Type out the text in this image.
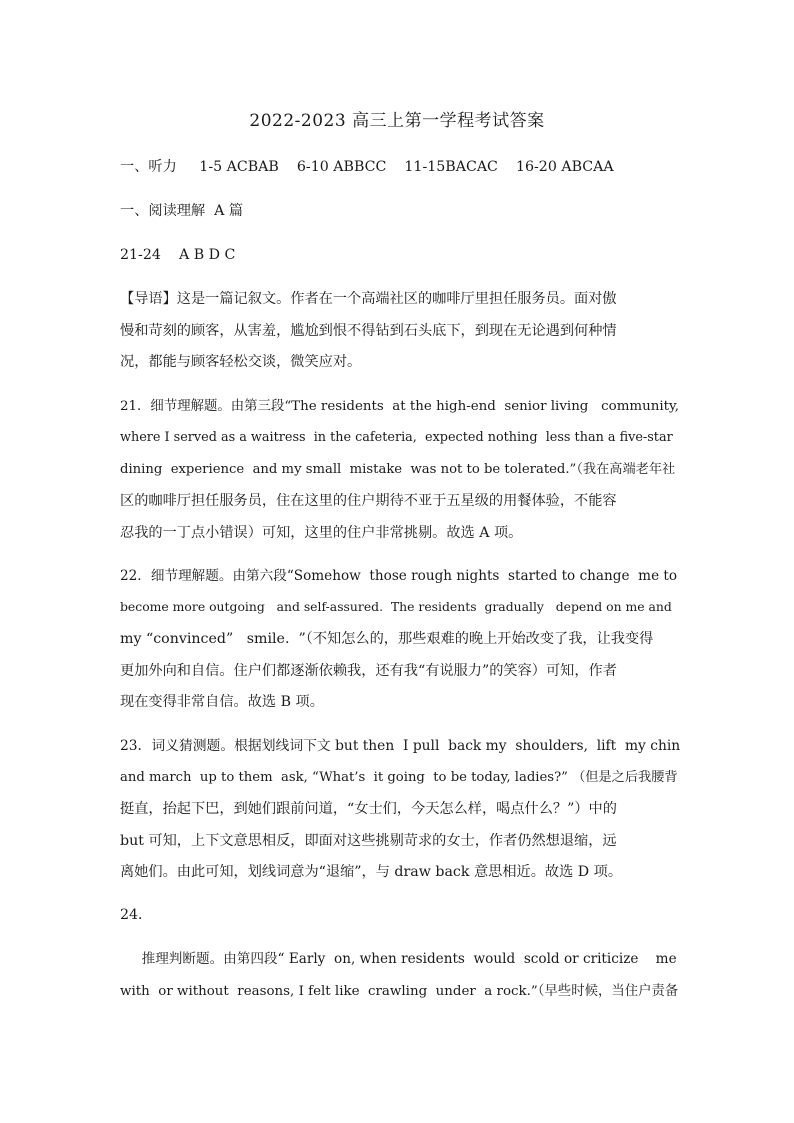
2022-2023 高三上第一学程考试答案
一、听力     1-5 ACBAB    6-10 ABBCC    11-15BACAC    16-20 ABCAA
一、阅读理解  A 篇
21-24    A B D C
【导语】这是一篇记叙文。作者在一个高端社区的咖啡厅里担任服务员。面对傲
慢和苛刻的顾客，从害羞，尴尬到恨不得钻到石头底下，到现在无论遇到何种情
况，都能与顾客轻松交谈，微笑应对。
21．细节理解题。由第三段“The residents  at the high-end  senior living   community,
where I served as a waitress  in the cafeteria,  expected nothing  less than a five-star
dining  experience  and my small  mistake  was not to be tolerated.”（我在高端老年社
区的咖啡厅担任服务员，住在这里的住户期待不亚于五星级的用餐体验，不能容
忍我的一丁点小错误）可知，这里的住户非常挑剔。故选 A 项。
22．细节理解题。由第六段“Somehow  those rough nights  started to change  me to
become more outgoing   and self-assured.  The residents  gradually   depend on me and
my “convinced”   smile.  ”（不知怎么的，那些艰难的晚上开始改变了我，让我变得
更加外向和自信。住户们都逐渐依赖我，还有我“有说服力”的笑容）可知，作者
现在变得非常自信。故选 B 项。
23．词义猜测题。根据划线词下文 but then  I pull  back my  shoulders,  lift  my chin
and march  up to them  ask, “What’s  it going  to be today, ladies?” （但是之后我腰背
挺直，抬起下巴，到她们跟前问道，“女士们，今天怎么样，喝点什么？”）中的
but 可知，上下文意思相反，即面对这些挑剔苛求的女士，作者仍然想退缩，远
离她们。由此可知，划线词意为“退缩”，与 draw back 意思相近。故选 D 项。
24．
推理判断题。由第四段“ Early  on, when residents  would  scold or criticize    me
with  or without  reasons, I felt like  crawling  under  a rock.”（早些时候，当住户责备
